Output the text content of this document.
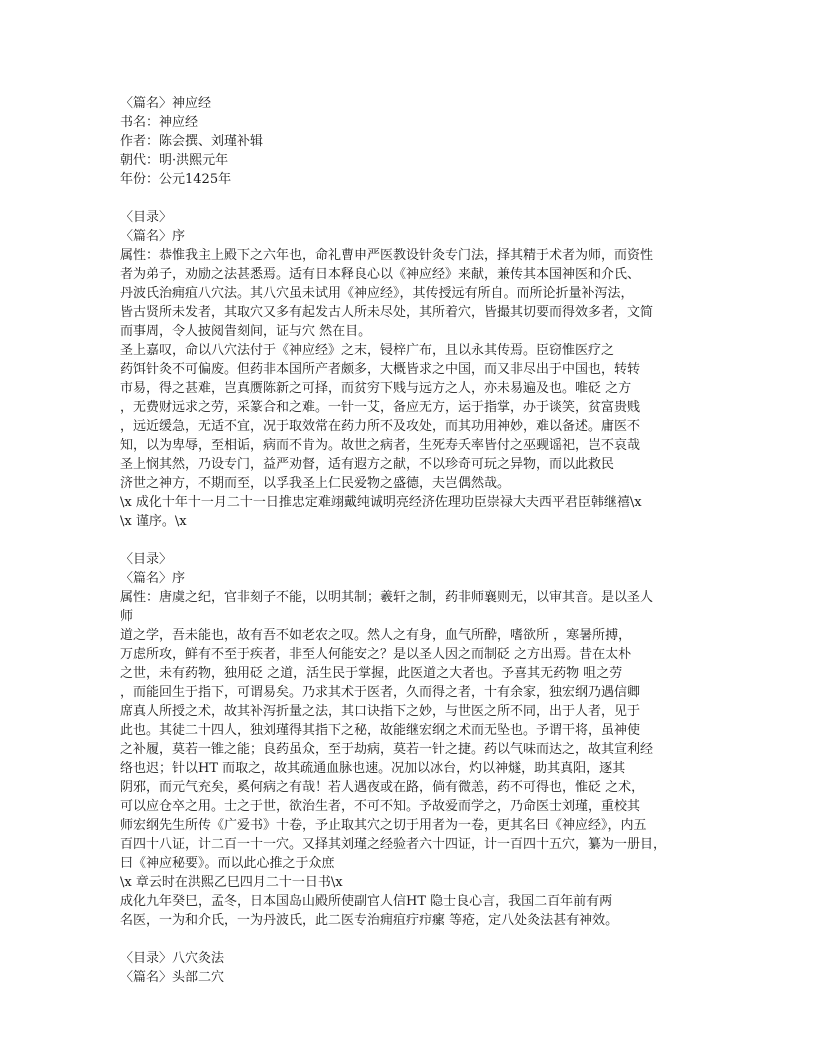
〈篇名〉神应经
书名：神应经
作者：陈会撰、刘瑾补辑
朝代：明·洪熙元年
年份：公元1425年
〈目录〉
〈篇名〉序
属性：恭惟我主上殿下之六年也，命礼曹申严医教设针灸专门法，择其精于术者为师，而资性
者为弟子，劝励之法甚悉焉。适有日本释良心以《神应经》来献，兼传其本国神医和介氏、
丹波氏治痈疽八穴法。其八穴虽未试用《神应经》，其传授远有所自。而所论折量补泻法，
皆古贤所未发者，其取穴又多有起发古人所未尽处，其所着穴，皆撮其切要而得效多者，文简
而事周，令人披阅眚刻间，证与穴 然在目。
圣上嘉叹，命以八穴法付于《神应经》之末，锓梓广布，且以永其传焉。臣窃惟医疗之
药饵针灸不可偏废。但药非本国所产者颇多，大概皆求之中国，而又非尽出于中国也，转转
市易，得之甚难，岂真赝陈新之可择，而贫穷下贱与远方之人，亦未易遍及也。唯砭 之方
，无费财远求之劳，采篆合和之难。一针一艾，备应无方，运于指掌，办于谈笑，贫富贵贱
，远近缓急，无适不宜，况于取效常在药力所不及攻处，而其功用神妙，难以备述。庸医不
知，以为卑辱，至相诟，病而不肯为。故世之病者，生死寿夭率皆付之巫觋谣祀，岂不哀哉
圣上悯其然，乃设专门，益严劝督，适有遐方之献，不以珍奇可玩之异物，而以此救民
济世之神方，不期而至，以孚我圣上仁民爱物之盛德，夫岂偶然哉。
\x 成化十年十一月二十一日推忠定难翊戴纯诚明亮经济佐理功臣崇禄大夫西平君臣韩继禧\x
\x 谨序。\x
〈目录〉
〈篇名〉序
属性：唐虞之纪，官非刻子不能，以明其制；羲轩之制，药非师襄则无，以审其音。是以圣人
师
道之学，吾未能也，故有吾不如老农之叹。然人之有身，血气所酔，嗜欲所 ，寒暑所搏，
万虑所攻，鲜有不至于疾者，非至人何能安之？是以圣人因之而制砭 之方出焉。昔在太朴
之世，未有药物，独用砭 之道，活生民于掌握，此医道之大者也。予喜其无药物 咀之劳
，而能回生于指下，可谓易矣。乃求其术于医者，久而得之者，十有余家，独宏纲乃遇信卿
席真人所授之术，故其补泻折量之法，其口诀指下之妙，与世医之所不同，出于人者，见于
此也。其徒二十四人，独刘瑾得其指下之秘，故能继宏纲之术而无坠也。予谓干将，虽神使
之补履，莫若一锥之能；良药虽众，至于劫病，莫若一针之捷。药以气味而达之，故其宣利经
络也迟；针以HT 而取之，故其疏通血脉也速。况加以冰台，灼以神燧，助其真阳，逐其
阴邪，而元气充矣，奚何病之有哉！若人遇夜或在路，倘有微恙，药不可得也，惟砭 之术，
可以应仓卒之用。士之于世，欲治生者，不可不知。予故爱而学之，乃命医士刘瑾，重校其
师宏纲先生所传《广爱书》十卷，予止取其穴之切于用者为一卷，更其名曰《神应经》，内五
百四十八证，计二百一十一穴。又择其刘瑾之经验者六十四证，计一百四十五穴，纂为一册目，
曰《神应秘要》。而以此心推之于众庶
\x 章云时在洪熙乙巳四月二十一日书\x
成化九年癸巳，孟冬，日本国岛山殿所使副官人信HT 隐士良心言，我国二百年前有两
名医，一为和介氏，一为丹波氏，此二医专治痈疽疔疖瘰 等疮，定八处灸法甚有神效。
〈目录〉八穴灸法
〈篇名〉头部二穴
